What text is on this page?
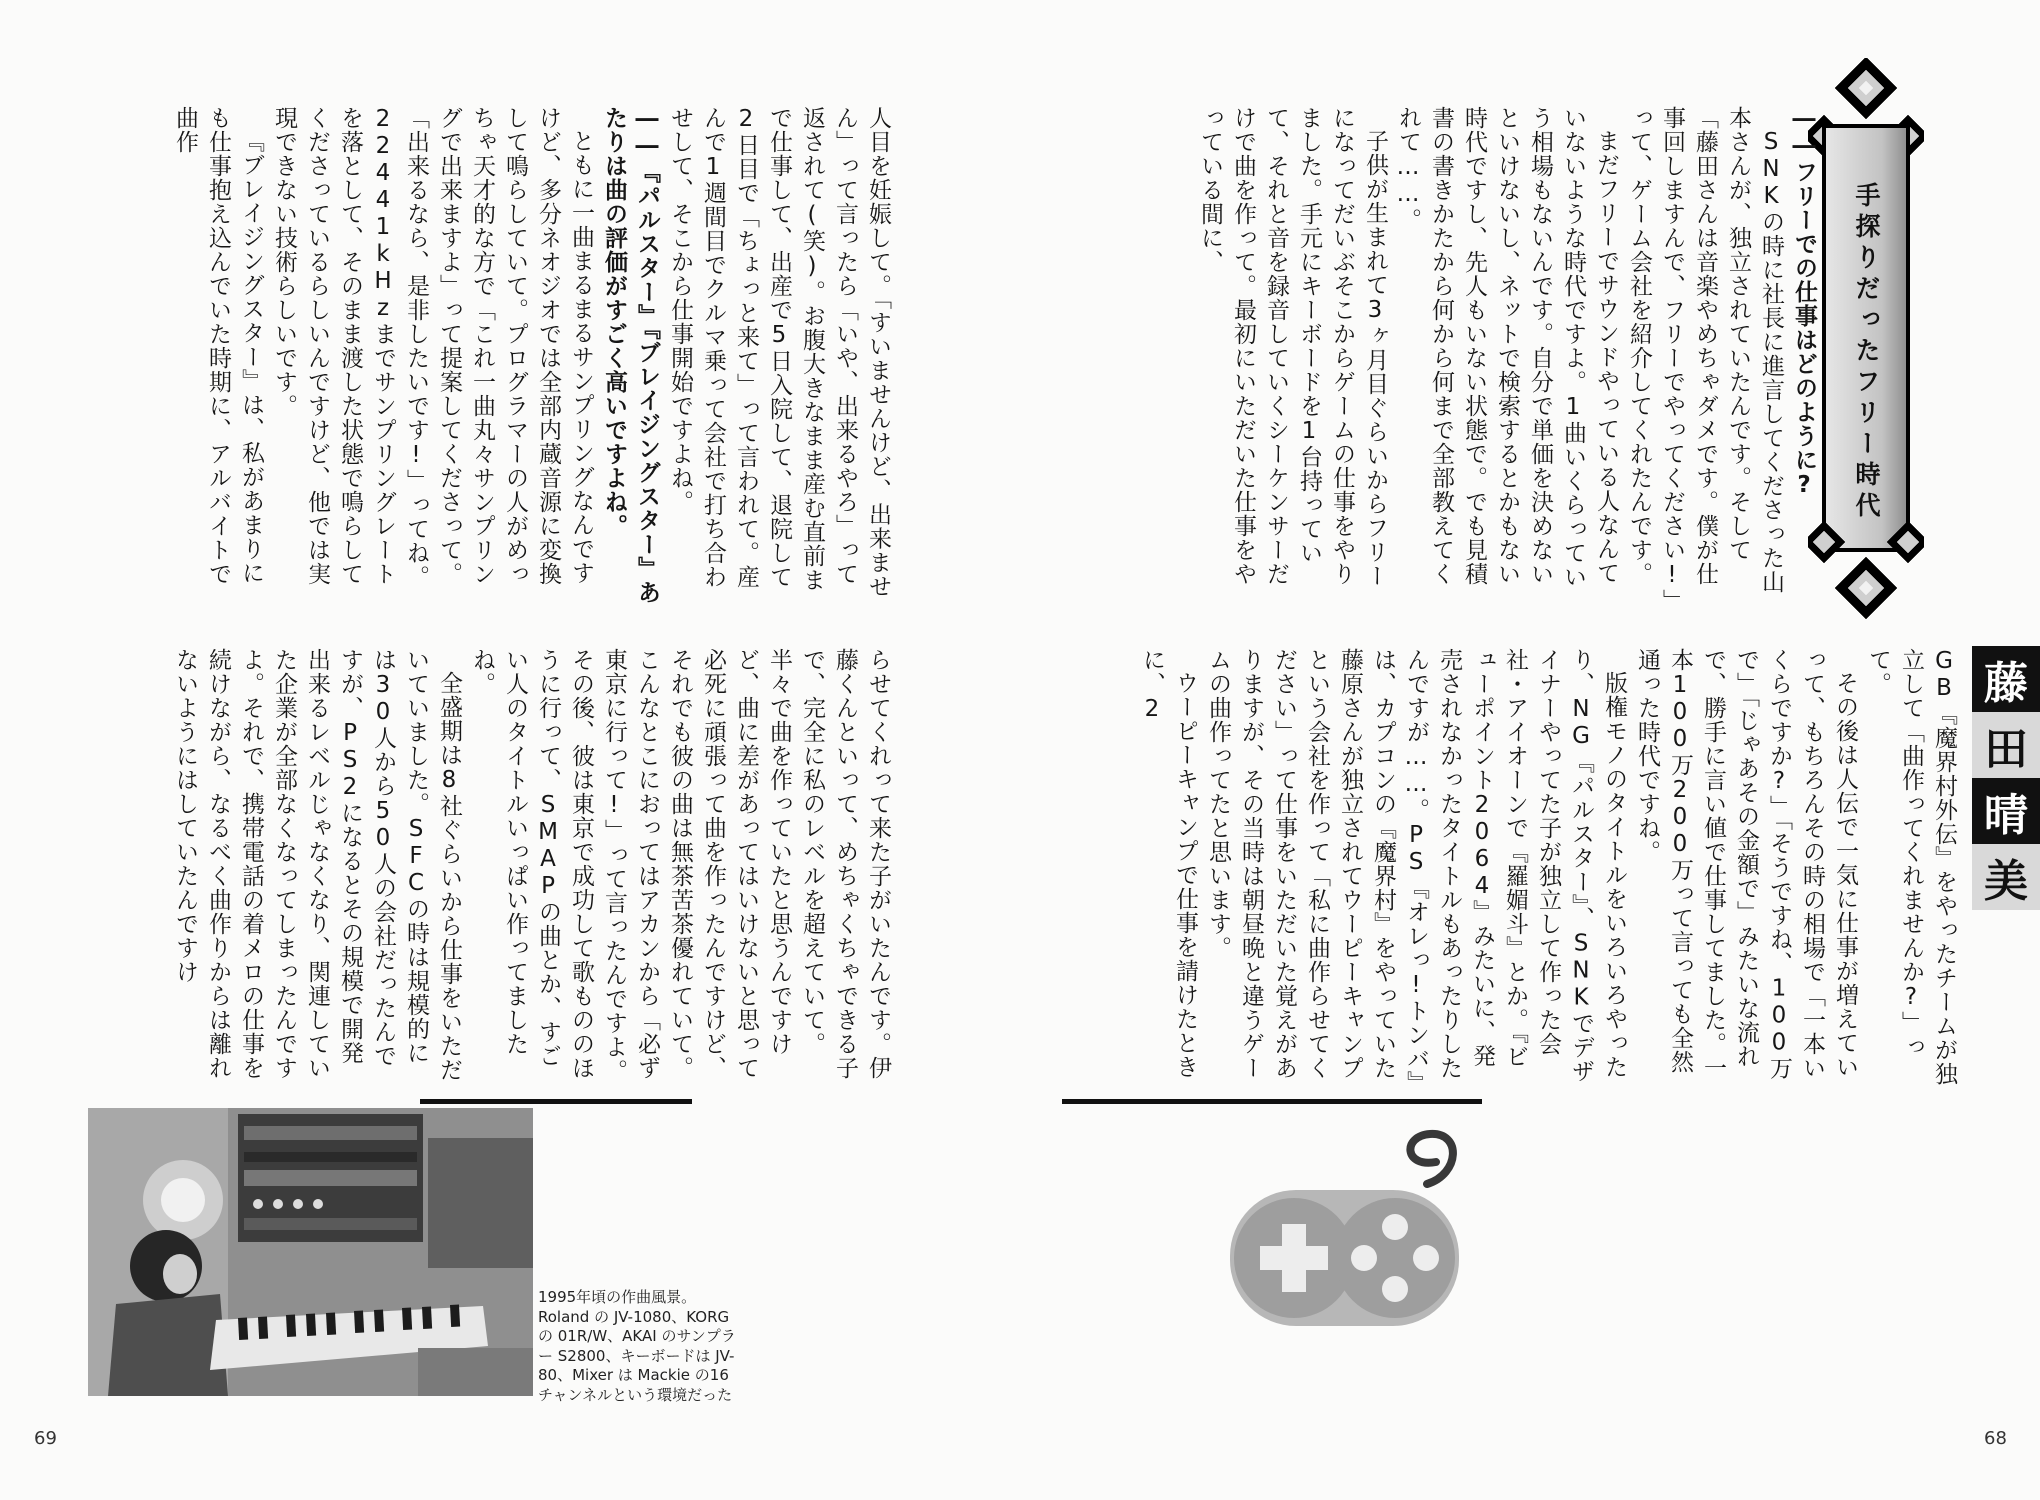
手探りだったフリー時代

――フリーでの仕事はどのように?

SNKの時に社長に進言してくださった山本さんが、独立されていたんです。そして「藤田さんは音楽やめちゃダメです。僕が仕事回しますんで、フリーでやってください!」って、ゲーム会社を紹介してくれたんです。

まだフリーでサウンドやっている人なんていないような時代ですよ。1曲いくらっていう相場もないんです。自分で単価を決めないといけないし、ネットで検索するとかもない時代ですし、先人もいない状態で。でも見積書の書きかたから何から何まで全部教えてくれて……。

子供が生まれて3ヶ月目ぐらいからフリーになってだいぶそこからゲームの仕事をやりました。手元にキーボードを1台持っていて、それと音を録音していくシーケンサーだけで曲を作って。最初にいただいた仕事をやっている間に、

藤
田
晴
美

GB『魔界村外伝』をやったチームが独立して「曲作ってくれませんか?」って。

その後は人伝で一気に仕事が増えていって、もちろんその時の相場で「一本いくらですか?」「そうですね、100万で」「じゃあその金額で」みたいな流れで、勝手に言い値で仕事してました。一本100万200万って言っても全然通った時代ですね。

版権モノのタイトルをいろいろやったり、NG『パルスター』、SNKでデザイナーやってた子が独立して作った会社・アイオーンで『羅媚斗』とか。『ビューポイント2064』みたいに、発売されなかったタイトルもあったりしたんですが……。PS『オレっ!トンバ』は、カプコンの『魔界村』をやっていた藤原さんが独立されてウーピーキャンプという会社を作って「私に曲作らせてください」って仕事をいただいた覚えがありますが、その当時は朝昼晩と違うゲームの曲作ってたと思います。

ウーピーキャンプで仕事を請けたときに、2

68

人目を妊娠して。「すいませんけど、出来ません」って言ったら「いや、出来るやろ」って返されて(笑)。お腹大きなまま産む直前まで仕事して、出産で5日入院して、退院して2日目で「ちょっと来て」って言われて。産んで1週間目でクルマ乗って会社で打ち合わせして、そこから仕事開始ですよね。

――『パルスター』『ブレイジングスター』あたりは曲の評価がすごく高いですよね。

ともに一曲まるまるサンプリングなんですけど、多分ネオジオでは全部内蔵音源に変換して鳴らしていて。プログラマーの人がめっちゃ天才的な方で「これ一曲丸々サンプリングで出来ますよ」って提案してくださって。「出来るなら、是非したいです!」ってね。22441kHzまでサンプリングレートを落として、そのまま渡した状態で鳴らしてくださっているらしいんですけど、他では実現できない技術らしいです。

『ブレイジングスター』は、私があまりにも仕事抱え込んでいた時期に、アルバイトで曲作

らせてくれって来た子がいたんです。伊藤くんといって、めちゃくちゃできる子で、完全に私のレベルを超えていて。半々で曲を作っていたと思うんですけど、曲に差があってはいけないと思って必死に頑張って曲を作ったんですけど、それでも彼の曲は無茶苦茶優れていて。こんなとこにおってはアカンから「必ず東京に行って!」って言ったんですよ。その後、彼は東京で成功して歌もののほうに行って、SMAPの曲とか、すごい人のタイトルいっぱい作ってましたね。

全盛期は8社ぐらいから仕事をいただいていました。SFCの時は規模的には30人から50人の会社だったんですが、PS2になるとその規模で開発出来るレベルじゃなくなり、関連していた企業が全部なくなってしまったんですよ。それで、携帯電話の着メロの仕事を続けながら、なるべく曲作りからは離れないようにはしていたんですけ

1995年頃の作曲風景。Roland の JV-1080、KORG の 01R/W、AKAI のサンプラー S2800、キーボードは JV-80、Mixer は Mackie の16チャンネルという環境だった
69
